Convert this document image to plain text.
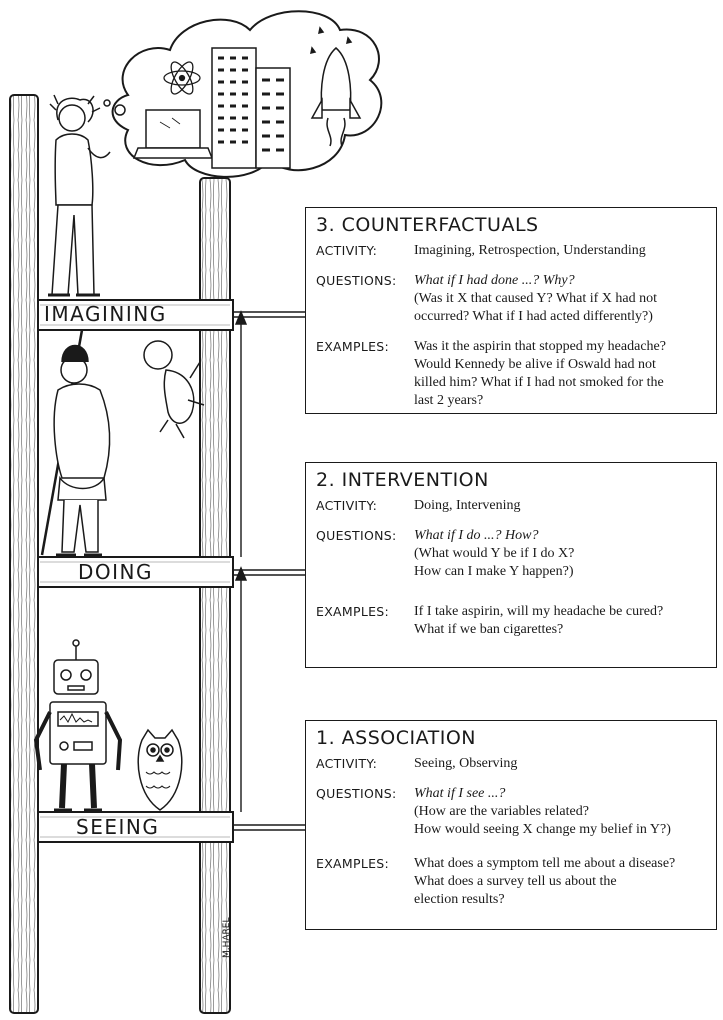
IMAGINING
DOING
SEEING
3. COUNTERFACTUALS
ACTIVITY:	Imagining, Retrospection, Understanding
QUESTIONS:	What if I had done ...? Why?
(Was it X that caused Y? What if X had not
occurred? What if I had acted differently?)
EXAMPLES:	Was it the aspirin that stopped my headache?
Would Kennedy be alive if Oswald had not
killed him? What if I had not smoked for the
last 2 years?
2. INTERVENTION
ACTIVITY:	Doing, Intervening
QUESTIONS:	What if I do ...? How?
(What would Y be if I do X?
How can I make Y happen?)
EXAMPLES:	If I take aspirin, will my headache be cured?
What if we ban cigarettes?
1. ASSOCIATION
ACTIVITY:	Seeing, Observing
QUESTIONS:	What if I see ...?
(How are the variables related?
How would seeing X change my belief in Y?)
EXAMPLES:	What does a symptom tell me about a disease?
What does a survey tell us about the
election results?
M.HAREL
